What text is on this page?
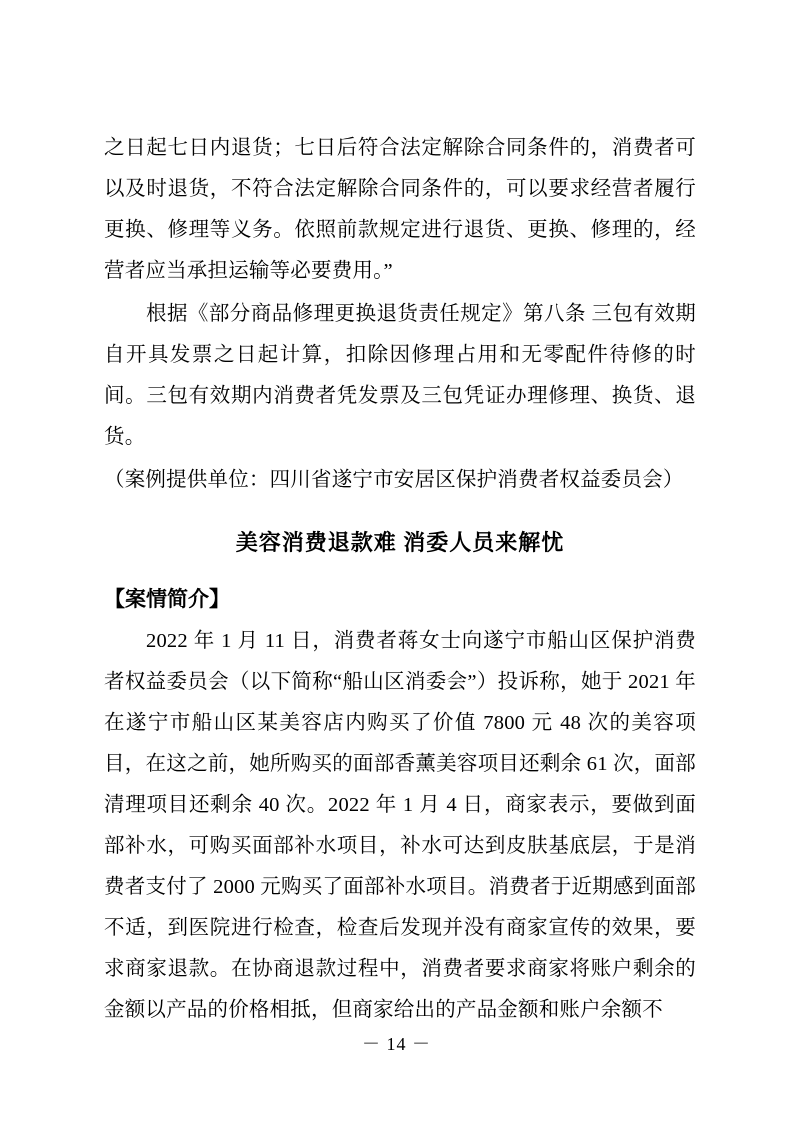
之日起七日内退货；七日后符合法定解除合同条件的，消费者可以及时退货，不符合法定解除合同条件的，可以要求经营者履行更换、修理等义务。依照前款规定进行退货、更换、修理的，经营者应当承担运输等必要费用。”

根据《部分商品修理更换退货责任规定》第八条 三包有效期自开具发票之日起计算，扣除因修理占用和无零配件待修的时间。三包有效期内消费者凭发票及三包凭证办理修理、换货、退货。

（案例提供单位：四川省遂宁市安居区保护消费者权益委员会）

美容消费退款难 消委人员来解忧

【案情简介】

2022 年 1 月 11 日，消费者蒋女士向遂宁市船山区保护消费者权益委员会（以下简称“船山区消委会”）投诉称，她于 2021 年在遂宁市船山区某美容店内购买了价值 7800 元 48 次的美容项目，在这之前，她所购买的面部香薰美容项目还剩余 61 次，面部清理项目还剩余 40 次。2022 年 1 月 4 日，商家表示，要做到面部补水，可购买面部补水项目，补水可达到皮肤基底层，于是消费者支付了 2000 元购买了面部补水项目。消费者于近期感到面部不适，到医院进行检查，检查后发现并没有商家宣传的效果，要求商家退款。在协商退款过程中，消费者要求商家将账户剩余的金额以产品的价格相抵，但商家给出的产品金额和账户余额不

－ 14 －
